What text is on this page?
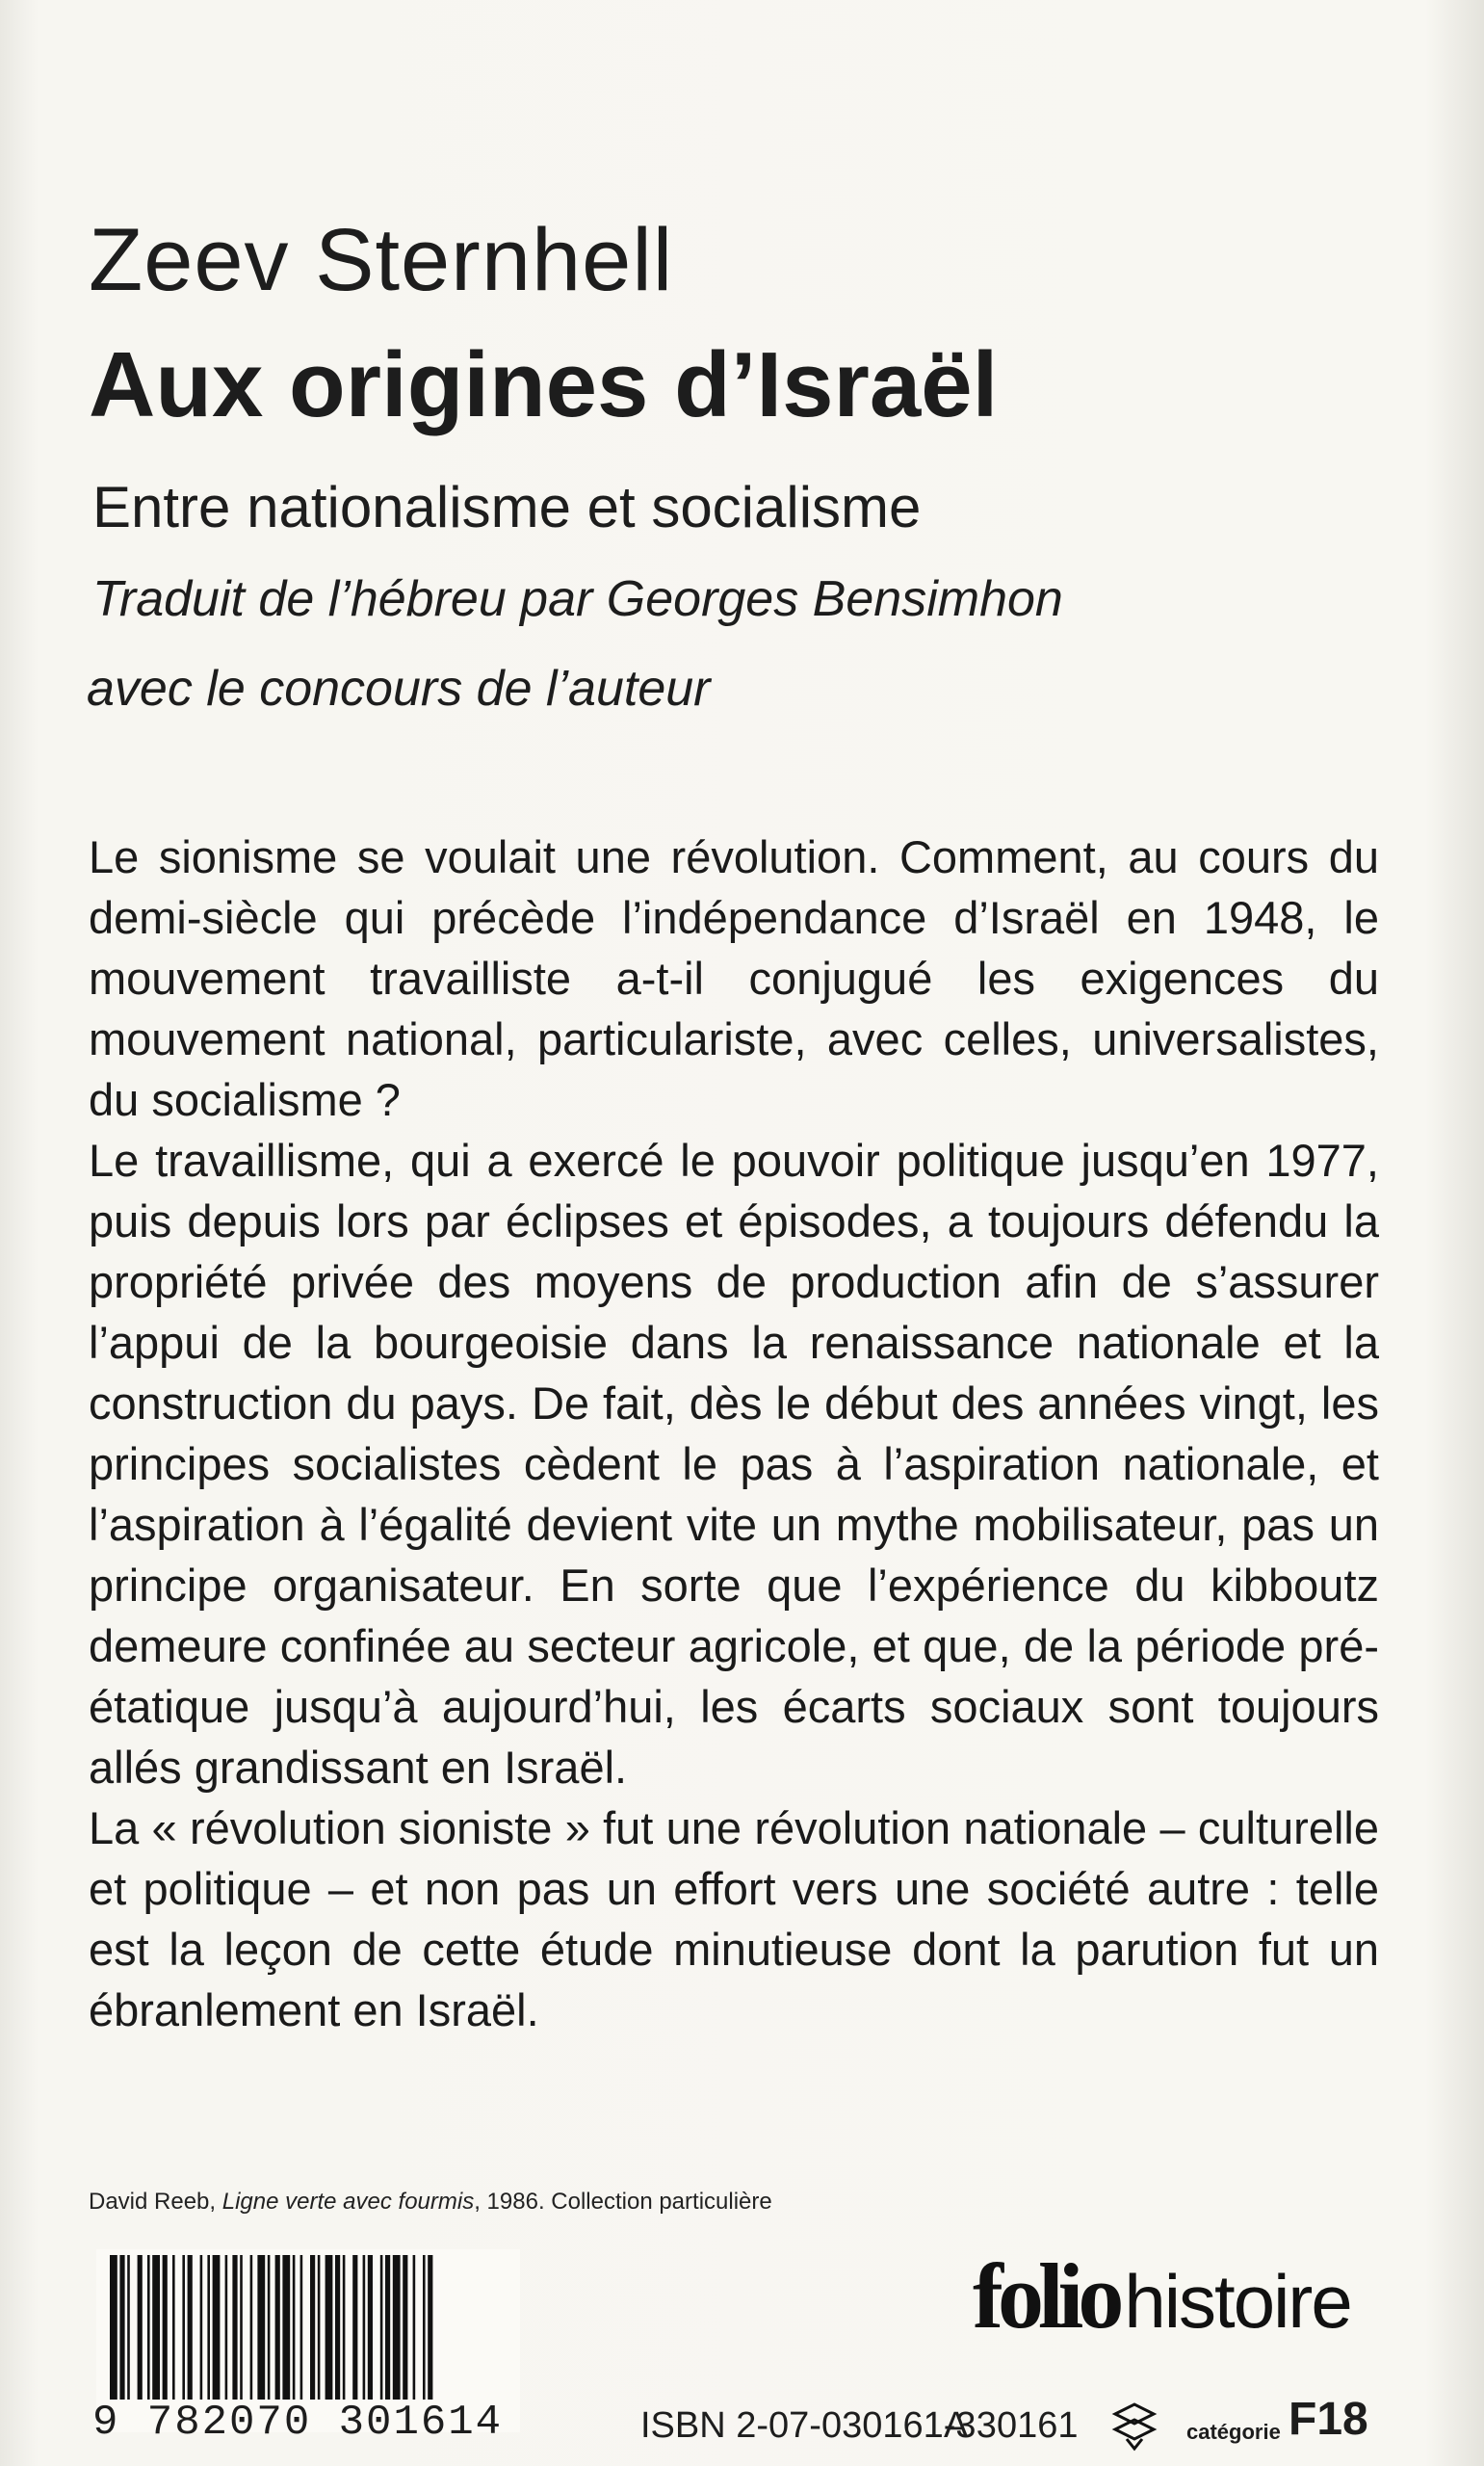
Zeev Sternhell
Aux origines d’Israël
Entre nationalisme et socialisme
Traduit de l’hébreu par Georges Bensimhon
avec le concours de l’auteur

Le sionisme se voulait une révolution. Comment, au cours du demi-siècle qui précède l’indépendance d’Israël en 1948, le mouvement travailliste a-t-il conjugué les exigences du mouvement national, particulariste, avec celles, universalistes, du socialisme ?

Le travaillisme, qui a exercé le pouvoir politique jusqu’en 1977, puis depuis lors par éclipses et épisodes, a toujours défendu la propriété privée des moyens de production afin de s’assurer l’appui de la bourgeoisie dans la renaissance nationale et la construction du pays. De fait, dès le début des années vingt, les principes socialistes cèdent le pas à l’aspiration nationale, et l’aspiration à l’égalité devient vite un mythe mobilisateur, pas un principe organisateur. En sorte que l’expérience du kibboutz demeure confinée au secteur agricole, et que, de la période pré-étatique jusqu’à aujourd’hui, les écarts sociaux sont toujours allés grandissant en Israël.

La « révolution sioniste » fut une révolution nationale – culturelle et politique – et non pas un effort vers une société autre : telle est la leçon de cette étude minutieuse dont la parution fut un ébranlement en Israël.

David Reeb, Ligne verte avec fourmis, 1986. Collection particulière
foliohistoire
9 782070 301614	ISBN 2-07-030161-3
A 30161	catégorie F18
